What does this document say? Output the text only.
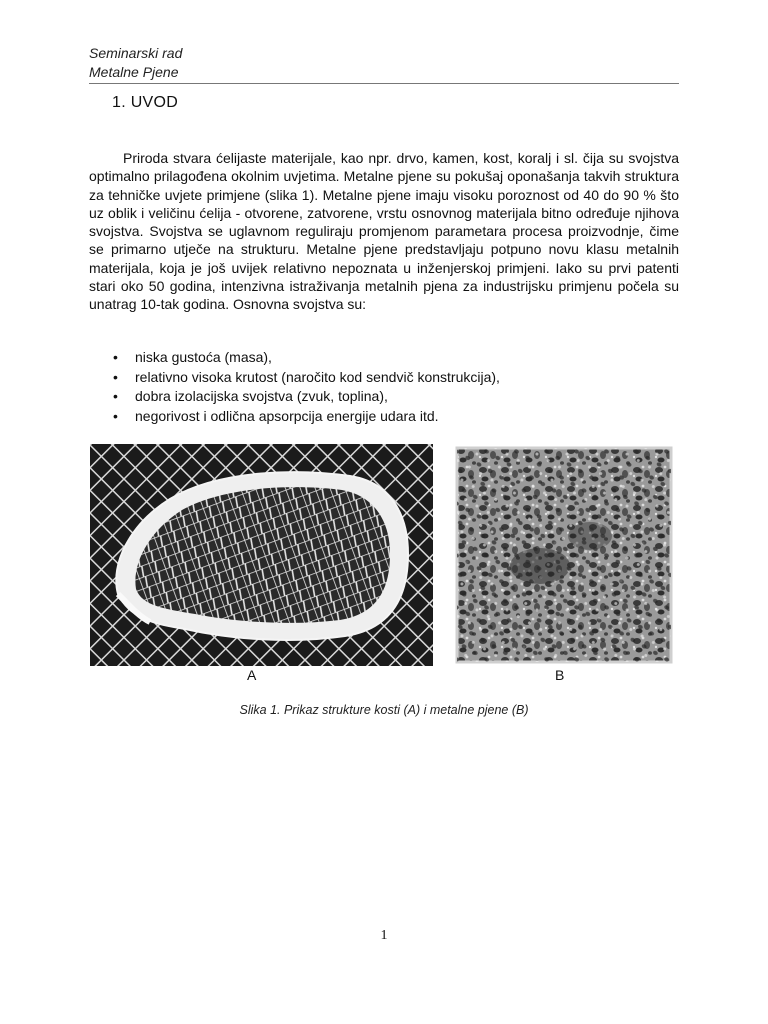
Seminarski rad
Metalne Pjene
1. UVOD

Priroda stvara ćelijaste materijale, kao npr. drvo, kamen, kost, koralj i sl. čija su svojstva optimalno prilagođena okolnim uvjetima. Metalne pjene su pokušaj oponašanja takvih struktura za tehničke uvjete primjene (slika 1). Metalne pjene imaju visoku poroznost od 40 do 90 % što uz oblik i veličinu ćelija - otvorene, zatvorene, vrstu osnovnog materijala bitno određuje njihova svojstva. Svojstva se uglavnom reguliraju promjenom parametara procesa proizvodnje, čime se primarno utječe na strukturu. Metalne pjene predstavljaju potpuno novu klasu metalnih materijala, koja je još uvijek relativno nepoznata u inženjerskoj primjeni. Iako su prvi patenti stari oko 50 godina, intenzivna istraživanja metalnih pjena za industrijsku primjenu počela su unatrag 10-tak godina. Osnovna svojstva su:

• niska gustoća (masa),
• relativno visoka krutost (naročito kod sendvič konstrukcija),
• dobra izolacijska svojstva (zvuk, toplina),
• negorivost i odlična apsorpcija energije udara itd.
A	B
Slika 1. Prikaz strukture kosti (A) i metalne pjene (B)
1
